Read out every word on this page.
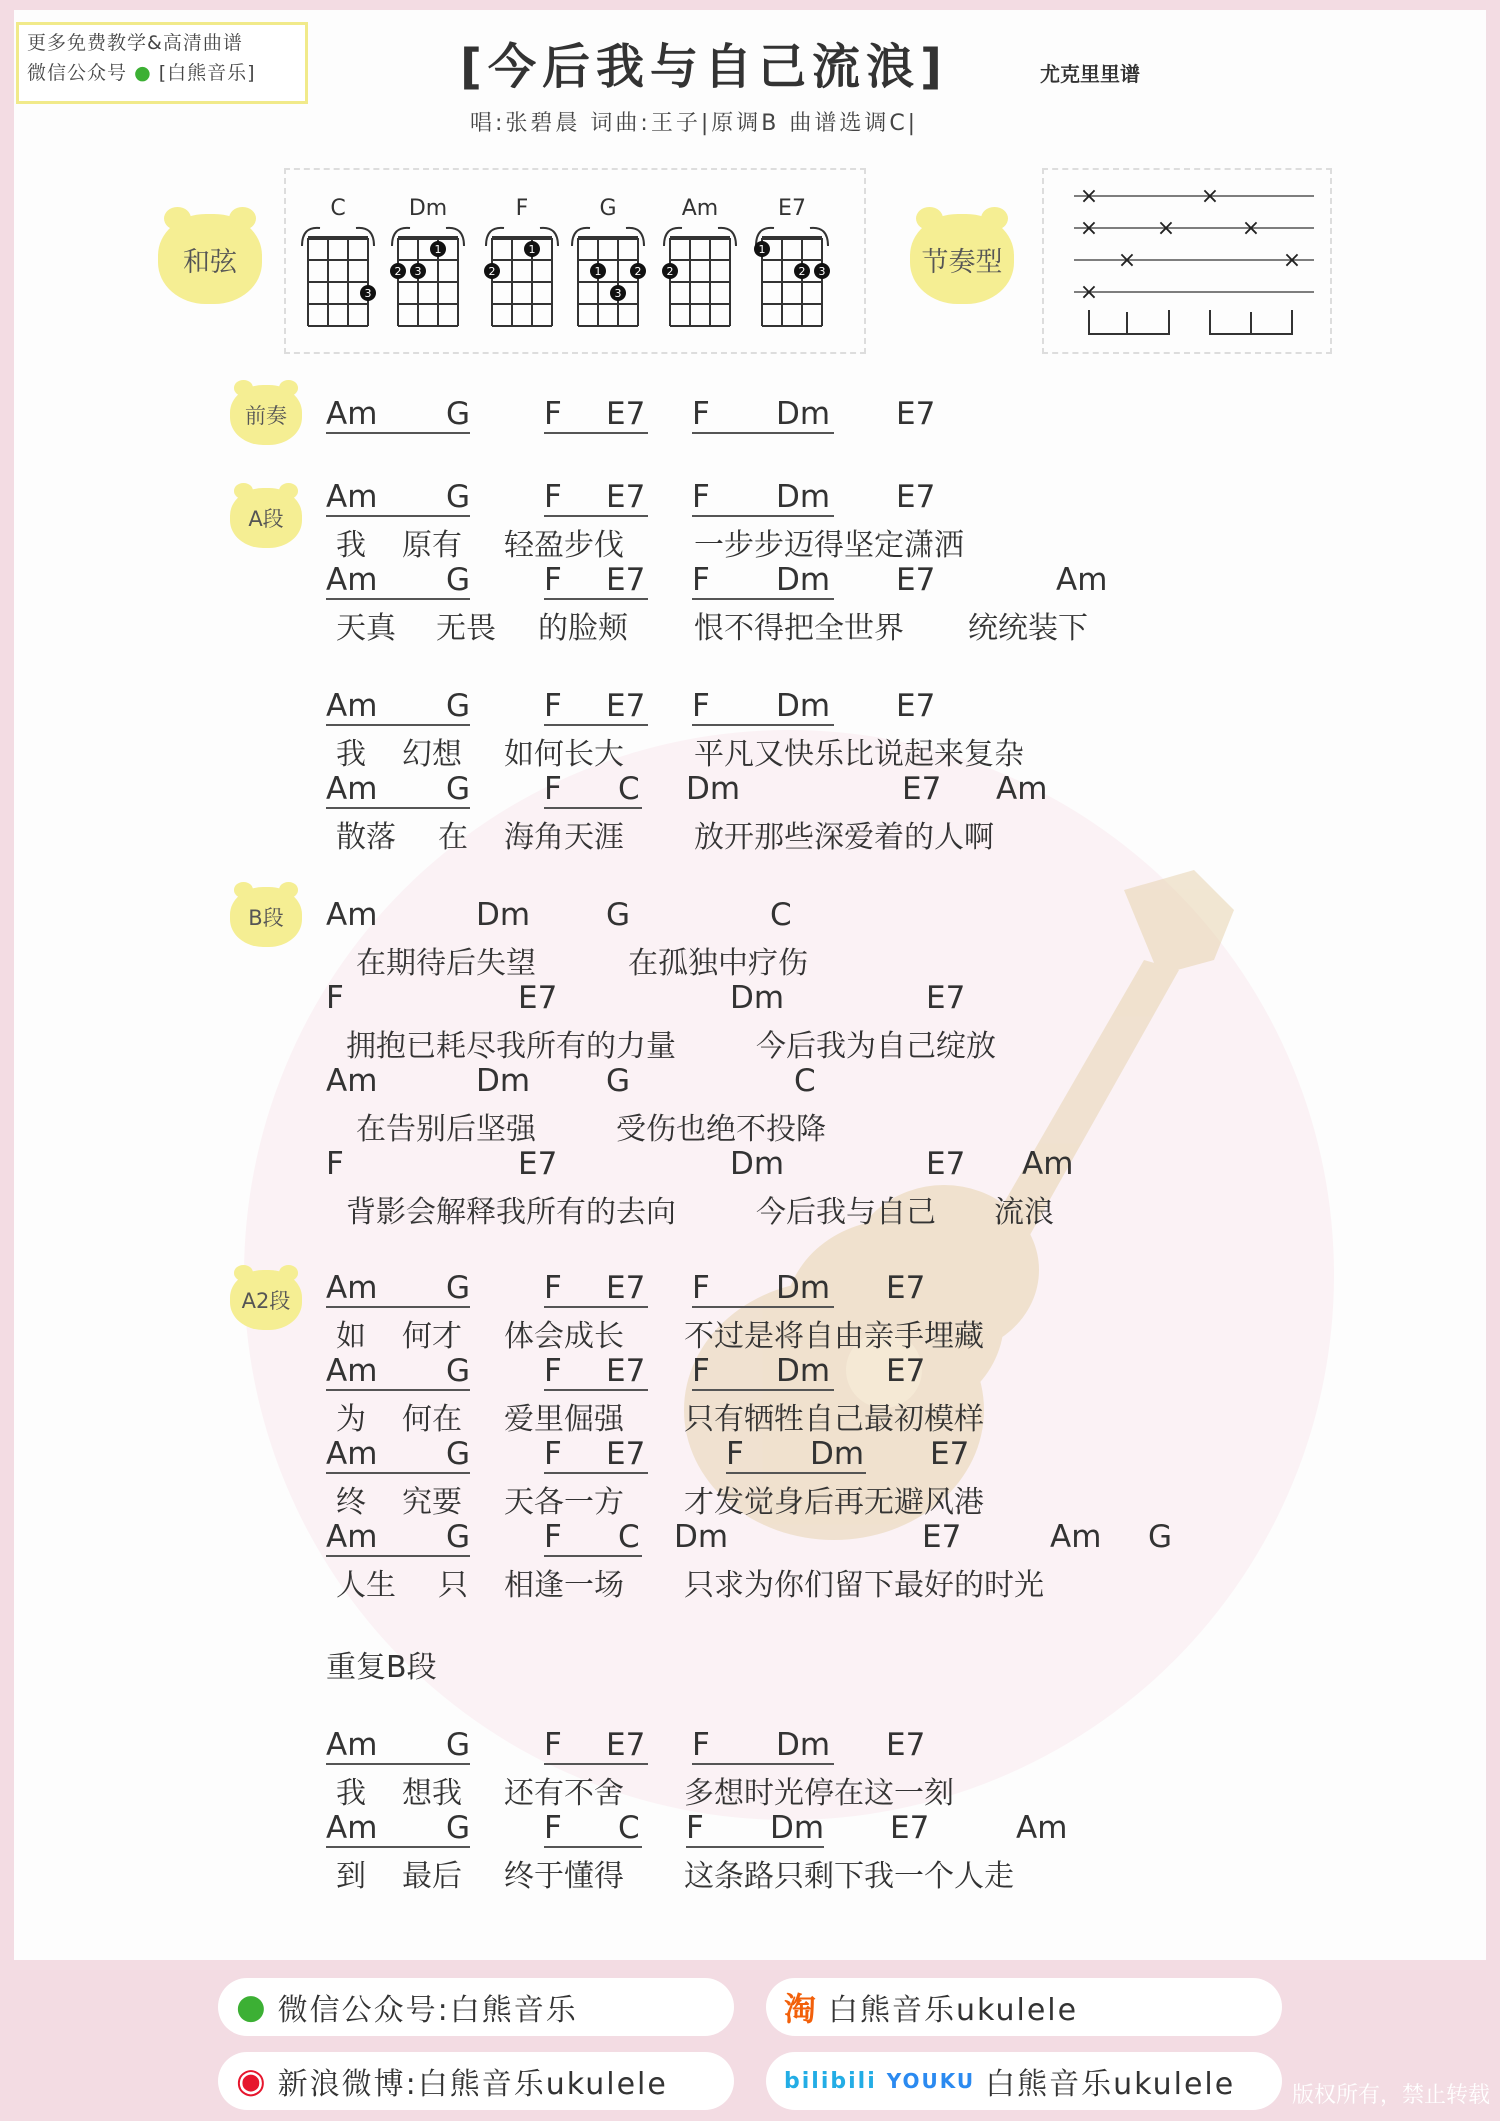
更多免费教学&高清曲谱
微信公众号 ● [白熊音乐]	[今后我与自己流浪]	尤克里里谱
唱:张碧晨 词曲:王子|原调B 曲谱选调C|
和弦	节奏型
C
3
Dm
2 3
1
F
2
1
G
1	2
3
Am
2
E7
1
2 3
×	×
×	×	×
×	×
×
前奏
A段
B段
A2段
Am G F E7 F Dm E7
Am G F E7 F Dm E7
Am G F E7 F Dm E7	Am
Am G F E7 F Dm E7
Am G F C Dm	E7 Am
Am	Dm G	C
F	E7	Dm	E7
Am	Dm G	C
F	E7	Dm	E7 Am
Am G F E7 F Dm E7
Am G F E7 F Dm E7
Am G F E7	F Dm E7
Am G F C Dm	E7	Am G
Am G F E7 F Dm E7
Am G F C F Dm E7	Am
我 原有 轻盈步伐 一步步迈得坚定潇洒
天真 无畏 的脸颊 恨不得把全世界 统统装下
我 幻想 如何长大 平凡又快乐比说起来复杂
散落 在 海角天涯 放开那些深爱着的人啊
在期待后失望	在孤独中疗伤
拥抱已耗尽我所有的力量	今后我为自己绽放
在告别后坚强	受伤也绝不投降
背影会解释我所有的去向	今后我与自己 流浪
如 何才 体会成长 不过是将自由亲手埋藏
为 何在 爱里倔强 只有牺牲自己最初模样
终 究要 天各一方 才发觉身后再无避风港
人生 只 相逢一场 只求为你们留下最好的时光
我 想我 还有不舍 多想时光停在这一刻
到 最后 终于懂得 这条路只剩下我一个人走
重复B段
● 微信公众号:白熊音乐	淘 白熊音乐ukulele
◉ 新浪微博:白熊音乐ukulele	bilibili YOUKU 白熊音乐ukulele	版权所有，禁止转载
